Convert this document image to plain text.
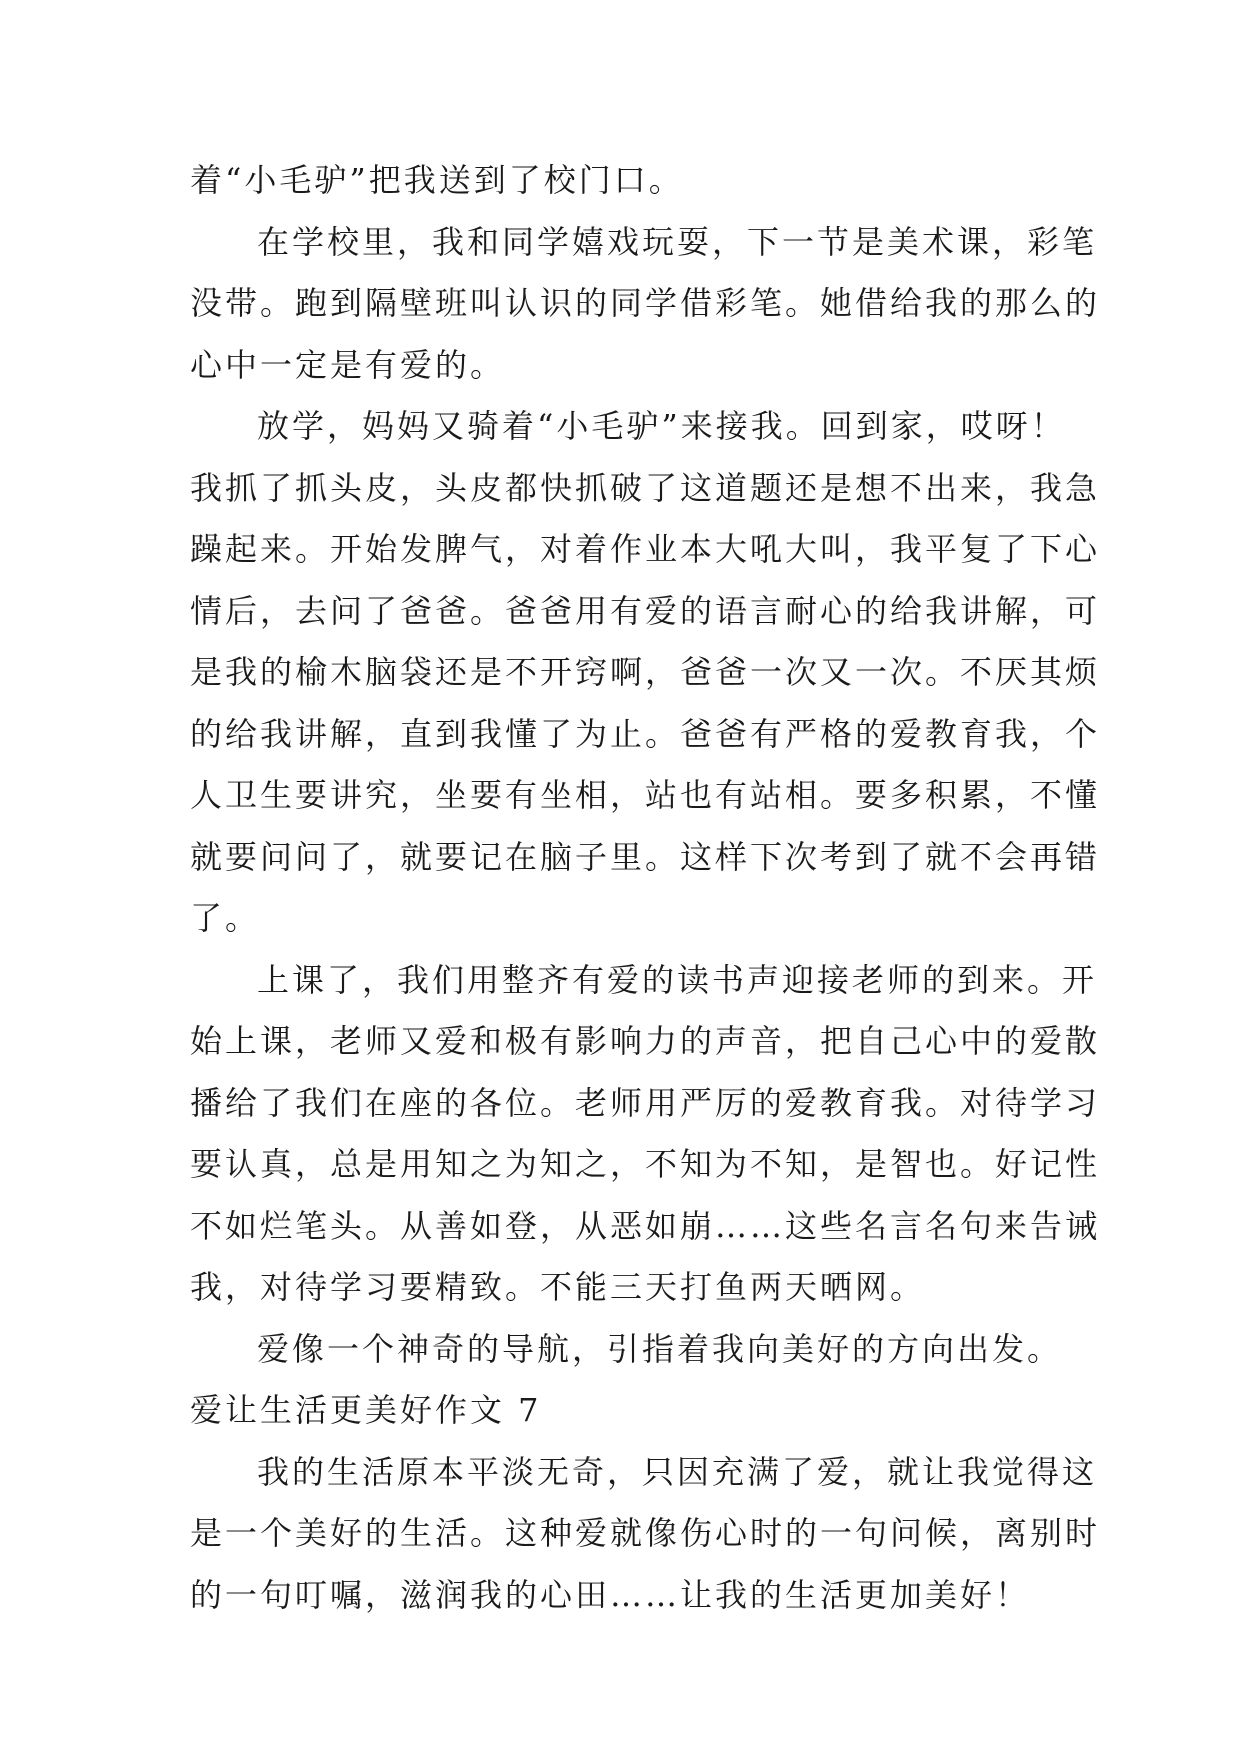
着“小毛驴”把我送到了校门口。
在学校里，我和同学嬉戏玩耍，下一节是美术课，彩笔
没带。跑到隔壁班叫认识的同学借彩笔。她借给我的那么的
心中一定是有爱的。
放学，妈妈又骑着“小毛驴”来接我。回到家，哎呀！
我抓了抓头皮，头皮都快抓破了这道题还是想不出来，我急
躁起来。开始发脾气，对着作业本大吼大叫，我平复了下心
情后，去问了爸爸。爸爸用有爱的语言耐心的给我讲解，可
是我的榆木脑袋还是不开窍啊，爸爸一次又一次。不厌其烦
的给我讲解，直到我懂了为止。爸爸有严格的爱教育我，个
人卫生要讲究，坐要有坐相，站也有站相。要多积累，不懂
就要问问了，就要记在脑子里。这样下次考到了就不会再错
了。
上课了，我们用整齐有爱的读书声迎接老师的到来。开
始上课，老师又爱和极有影响力的声音，把自己心中的爱散
播给了我们在座的各位。老师用严厉的爱教育我。对待学习
要认真，总是用知之为知之，不知为不知，是智也。好记性
不如烂笔头。从善如登，从恶如崩……这些名言名句来告诫
我，对待学习要精致。不能三天打鱼两天晒网。
爱像一个神奇的导航，引指着我向美好的方向出发。
爱让生活更美好作文 7
我的生活原本平淡无奇，只因充满了爱，就让我觉得这
是一个美好的生活。这种爱就像伤心时的一句问候，离别时
的一句叮嘱，滋润我的心田……让我的生活更加美好！
